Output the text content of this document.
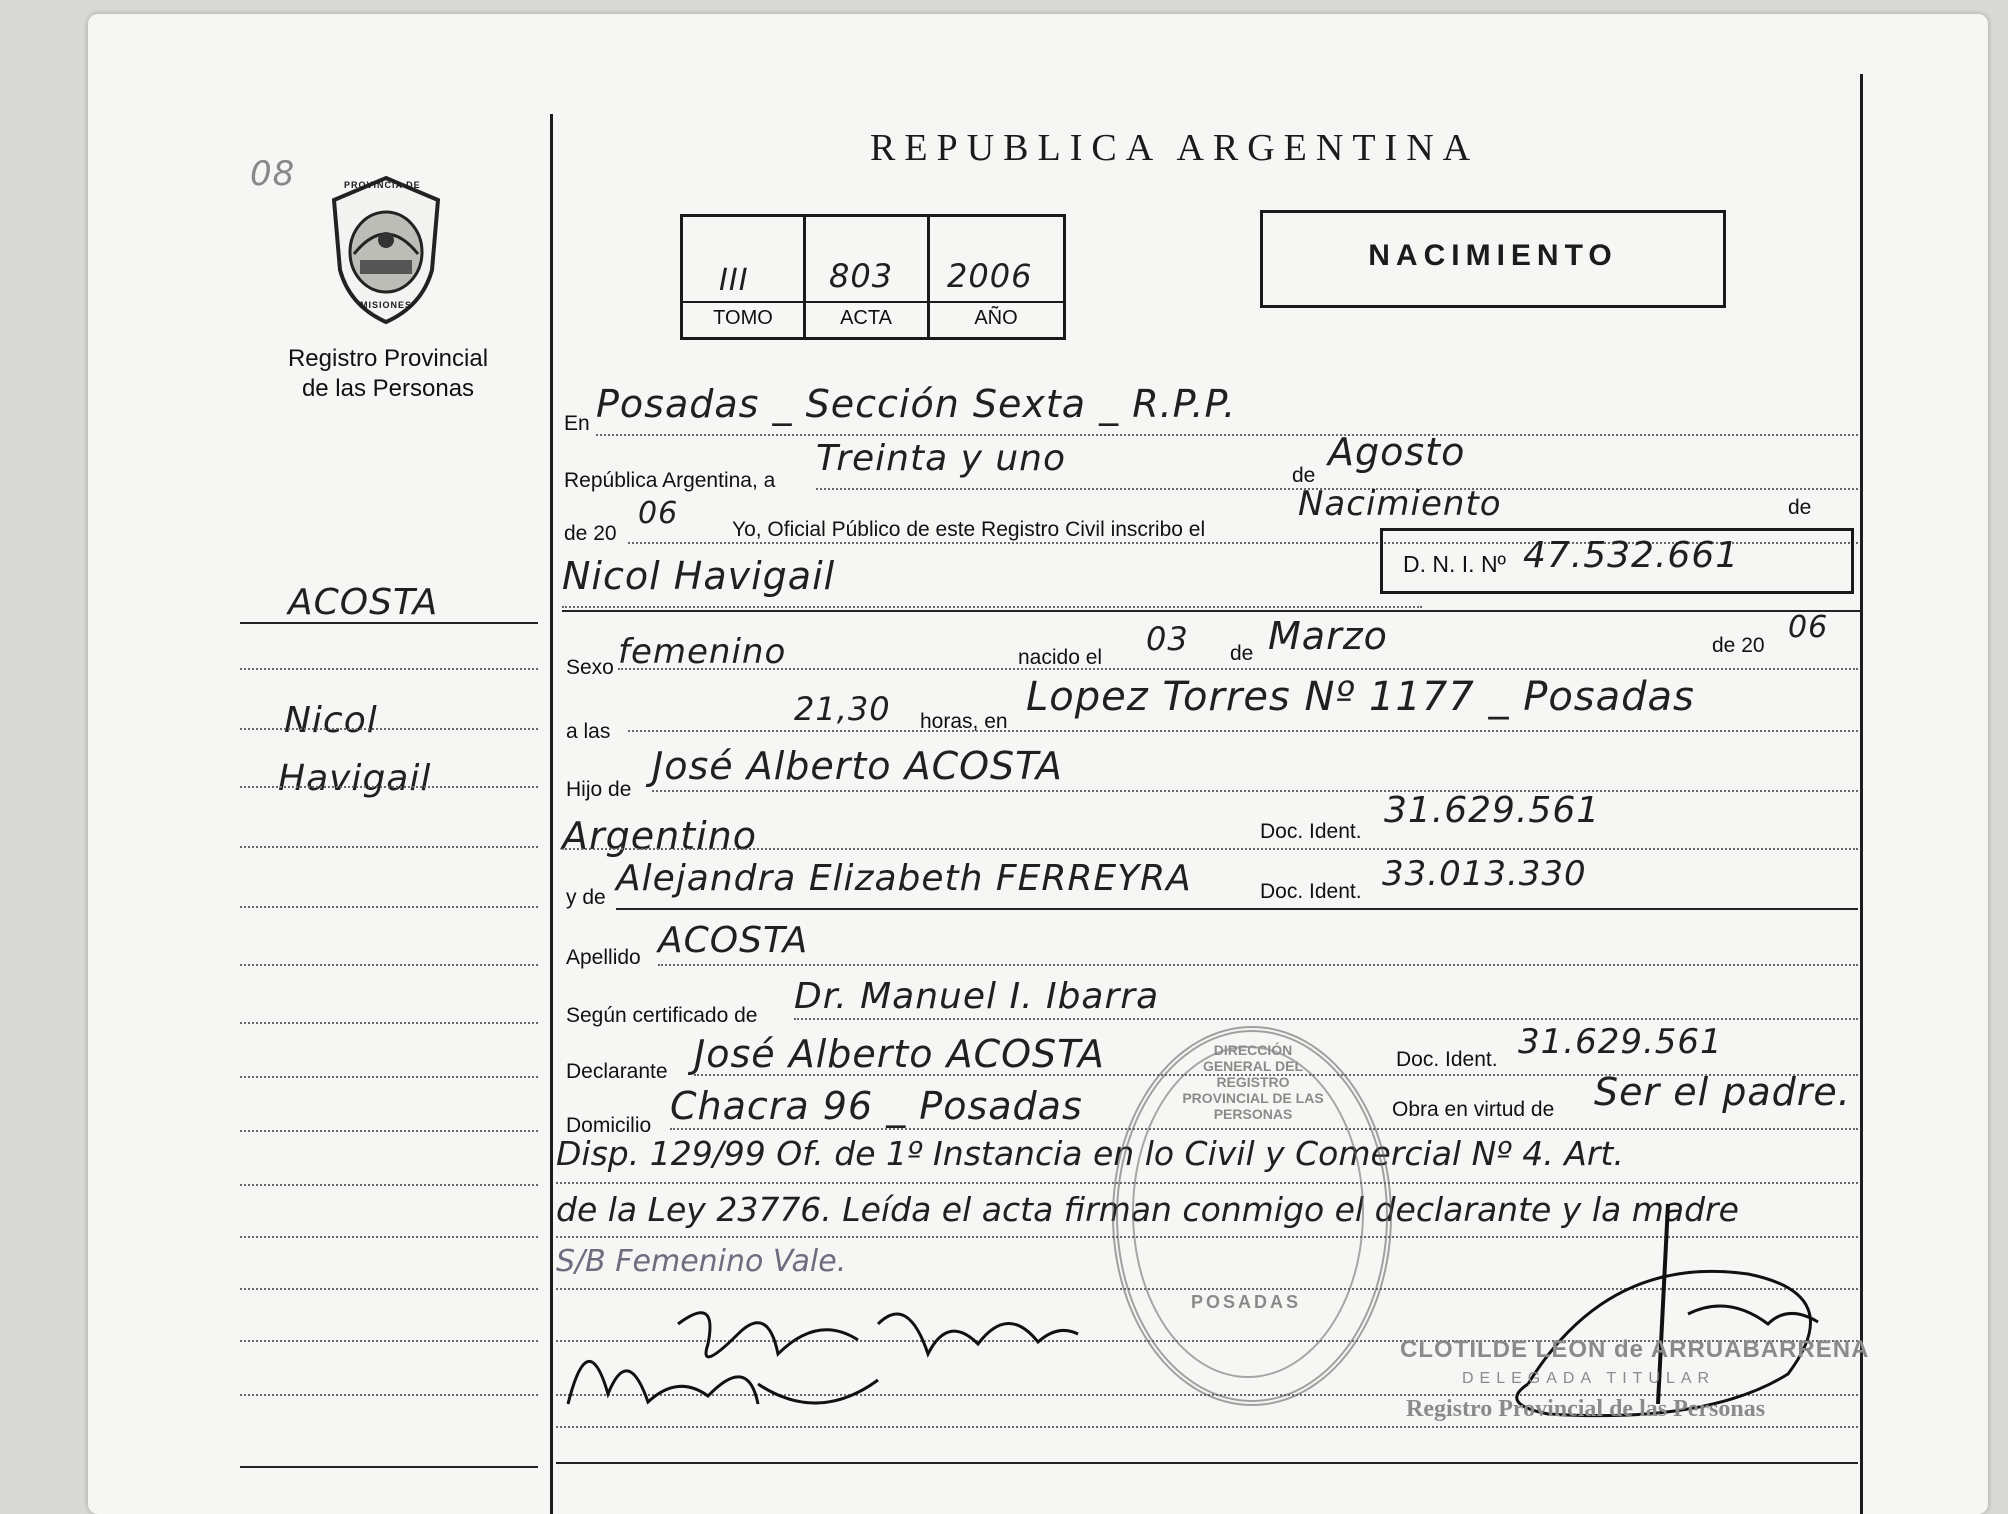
08	PROVINCIA DE
MISIONES
Registro Provincial
de las Personas
ACOSTA
Nicol
Havigail
REPUBLICA ARGENTINA
III	803 2006
TOMO	ACTA	AÑO
NACIMIENTO
En Posadas _ Sección Sexta _ R.P.P.
República Argentina, a
Treinta y uno	de
Agosto
de 20
06	Yo, Oficial Público de este Registro Civil inscribo el
Nacimiento	de
Nicol Havigail	D. N. I. Nº 47.532.661
Sexo femenino	nacido el 03 de Marzo	de 20
06
a las
21,30 horas, en
Lopez Torres Nº 1177 _ Posadas
Hijo de
José Alberto ACOSTA
Argentino	Doc. Ident.
31.629.561
y de Alejandra Elizabeth FERREYRA	Doc. Ident. 33.013.330
Apellido ACOSTA
Según certificado de Dr. Manuel I. Ibarra
Declarante José Alberto ACOSTA	Doc. Ident. 31.629.561
Domicilio Chacra 96 _ Posadas	Obra en virtud de Ser el padre.
Disp. 129/99 Of. de 1º Instancia en lo Civil y Comercial Nº 4. Art.
de la Ley 23776. Leída el acta firman conmigo el declarante y la madre
S/B Femenino Vale.
DIRECCIÓN GENERAL DEL REGISTRO PROVINCIAL DE LAS PERSONAS
POSADAS
CLOTILDE LEON de ARRUABARRENA
DELEGADA TITULAR
Registro Provincial de las Personas
